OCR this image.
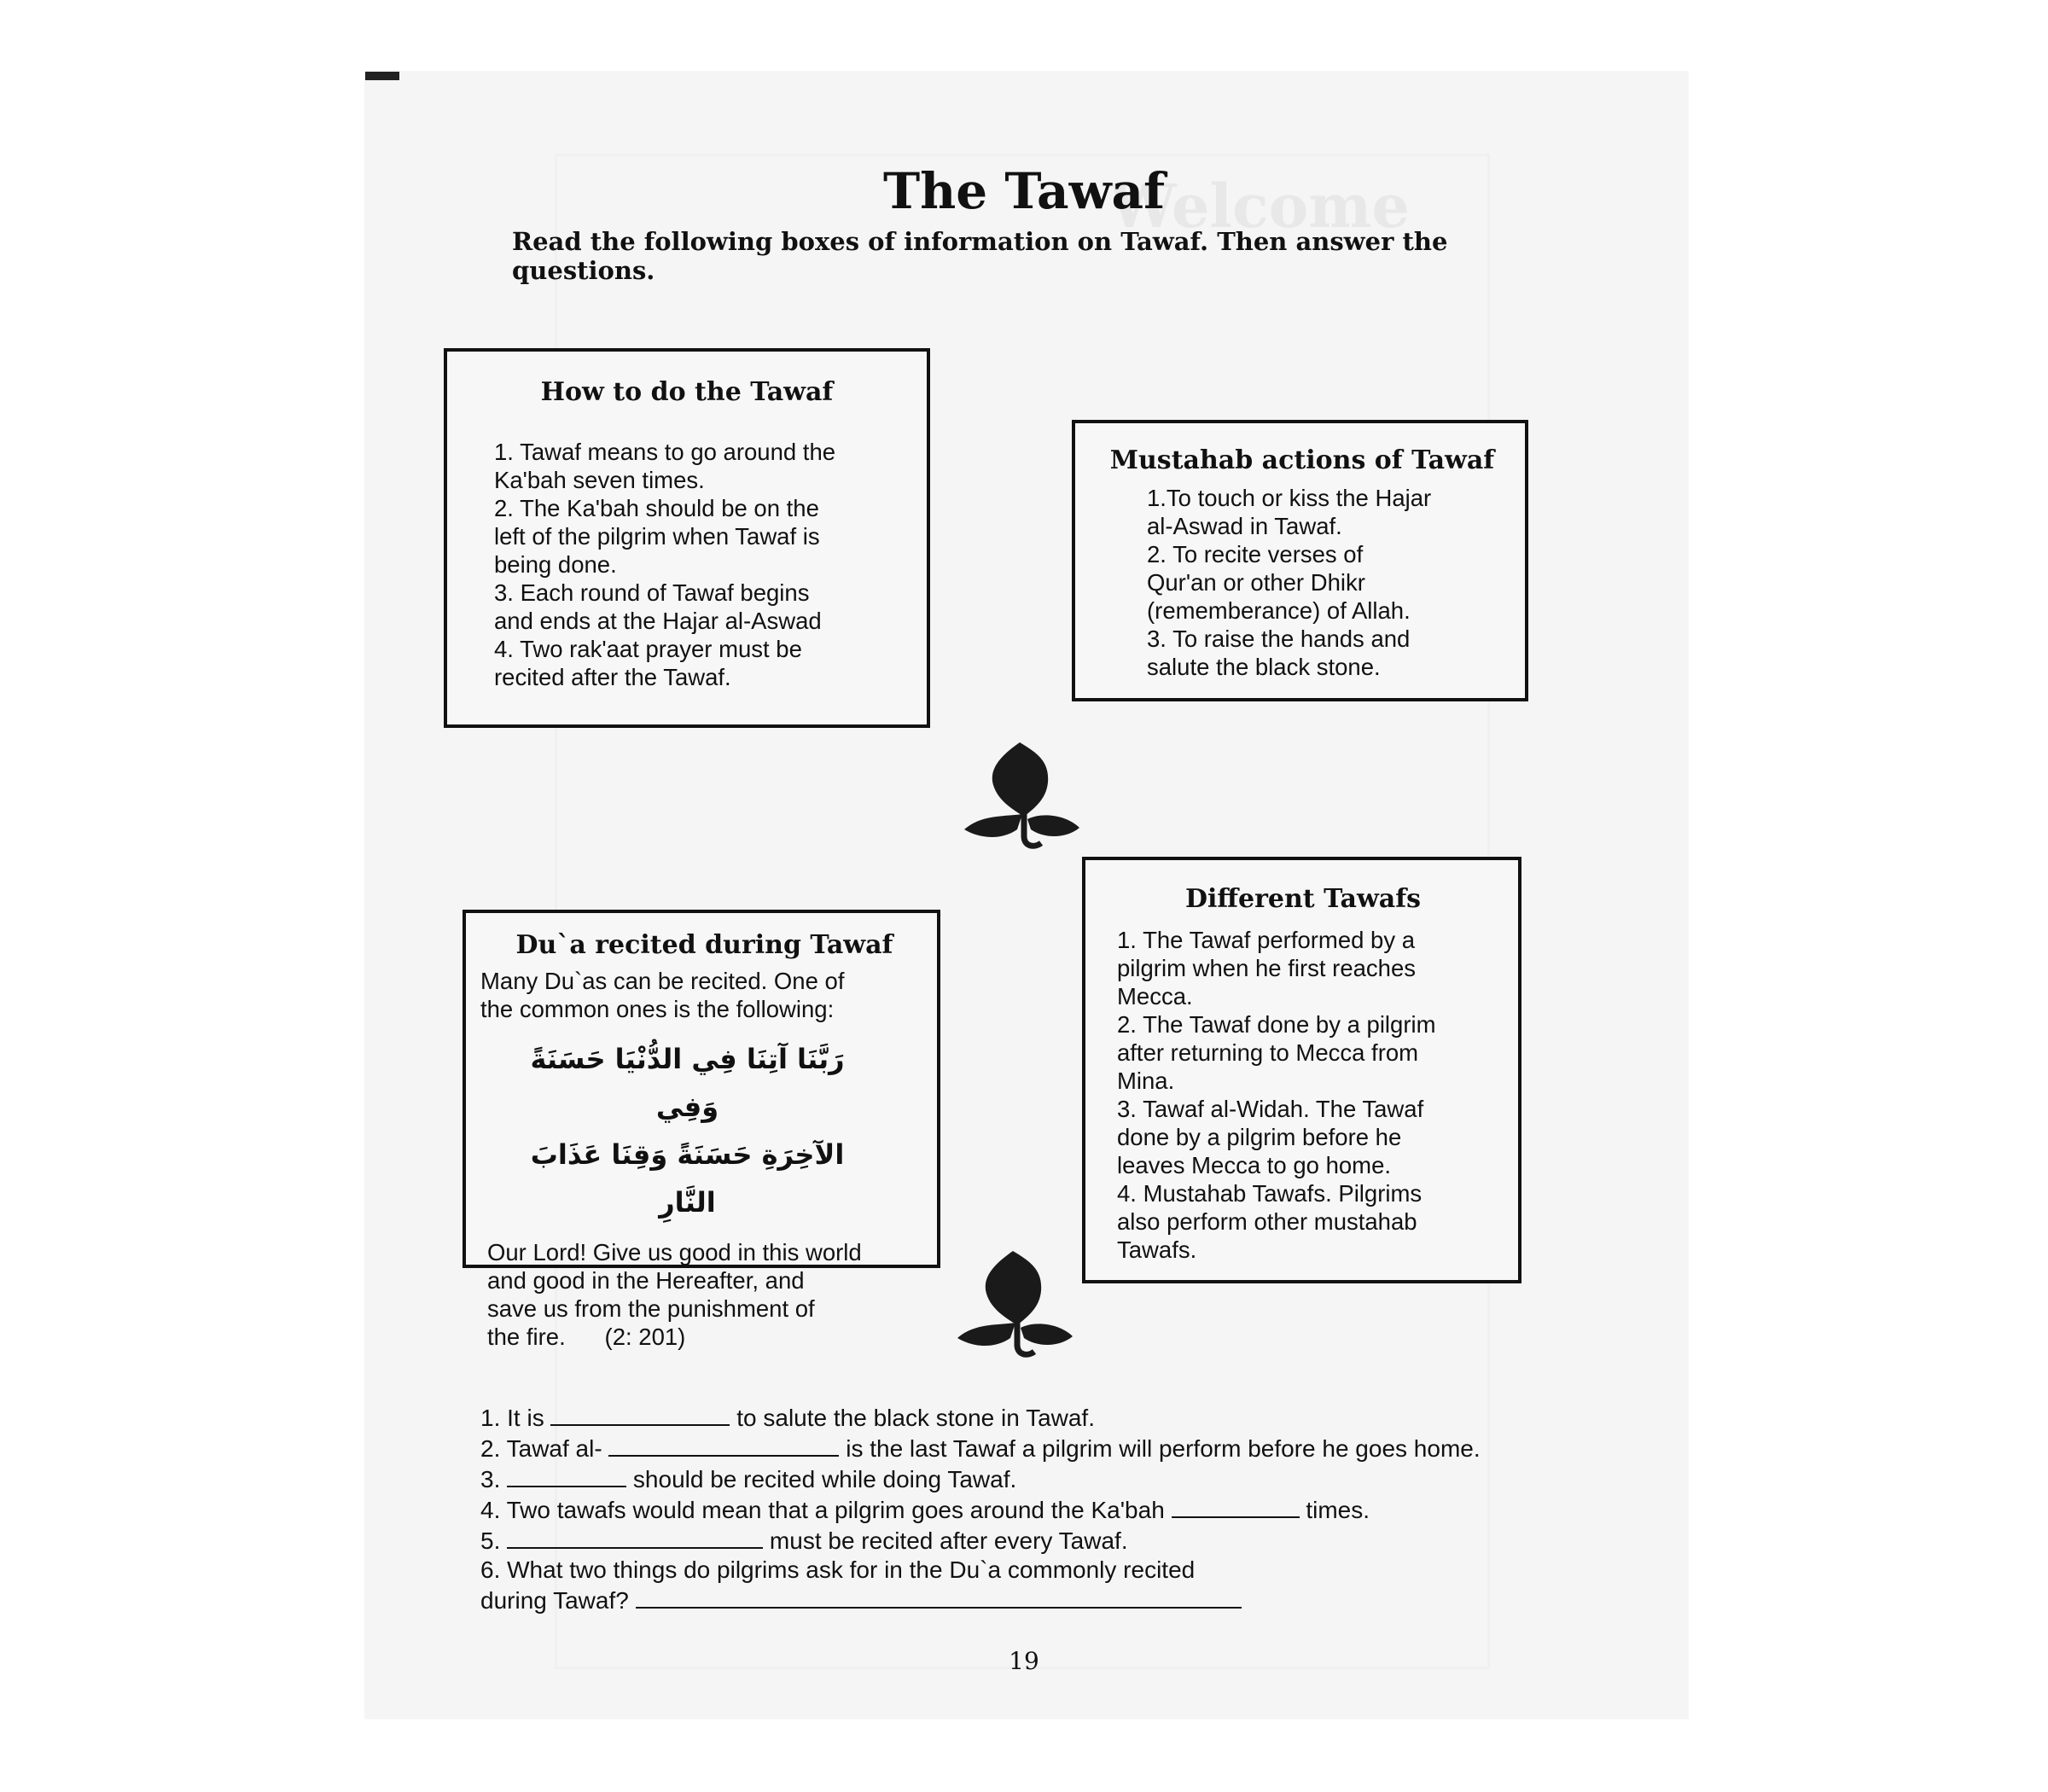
Welcome
The Tawaf
Read the following boxes of information on Tawaf. Then answer the questions.
How to do the Tawaf
1. Tawaf means to go around the
Ka'bah seven times.
2. The Ka'bah should be on the
left of the pilgrim when Tawaf is
being done.
3. Each round of Tawaf begins
and ends at the Hajar al-Aswad
4. Two rak'aat prayer must be
recited after the Tawaf.
Mustahab actions of Tawaf
1.To touch or kiss the Hajar
al-Aswad in Tawaf.
2. To recite verses of
Qur'an or other Dhikr
(rememberance) of Allah.
3. To raise the hands and
salute the black stone.
Du`a recited during Tawaf
Many Du`as can be recited. One of
the common ones is the following:
رَبَّنَا آتِنَا فِي الدُّنْيَا حَسَنَةً وَفِي
الآخِرَةِ حَسَنَةً وَقِنَا عَذَابَ النَّارِ
Our Lord! Give us good in this world
and good in the Hereafter, and
save us from the punishment of
the fire.      (2: 201)
Different Tawafs
1. The Tawaf performed by a
pilgrim when he first reaches
Mecca.
2. The Tawaf done by a pilgrim
after returning to Mecca from
Mina.
3. Tawaf al-Widah. The Tawaf
done by a pilgrim before he
leaves Mecca to go home.
4. Mustahab Tawafs. Pilgrims
also perform other mustahab
Tawafs.
1. It is	to salute the black stone in Tawaf.
2. Tawaf al-	is the last Tawaf a pilgrim will perform before he goes home.
3.	should be recited while doing Tawaf.
4. Two tawafs would mean that a pilgrim goes around the Ka'bah	times.
5.	must be recited after every Tawaf.
6. What two things do pilgrims ask for in the Du`a commonly recited
during Tawaf?
19
